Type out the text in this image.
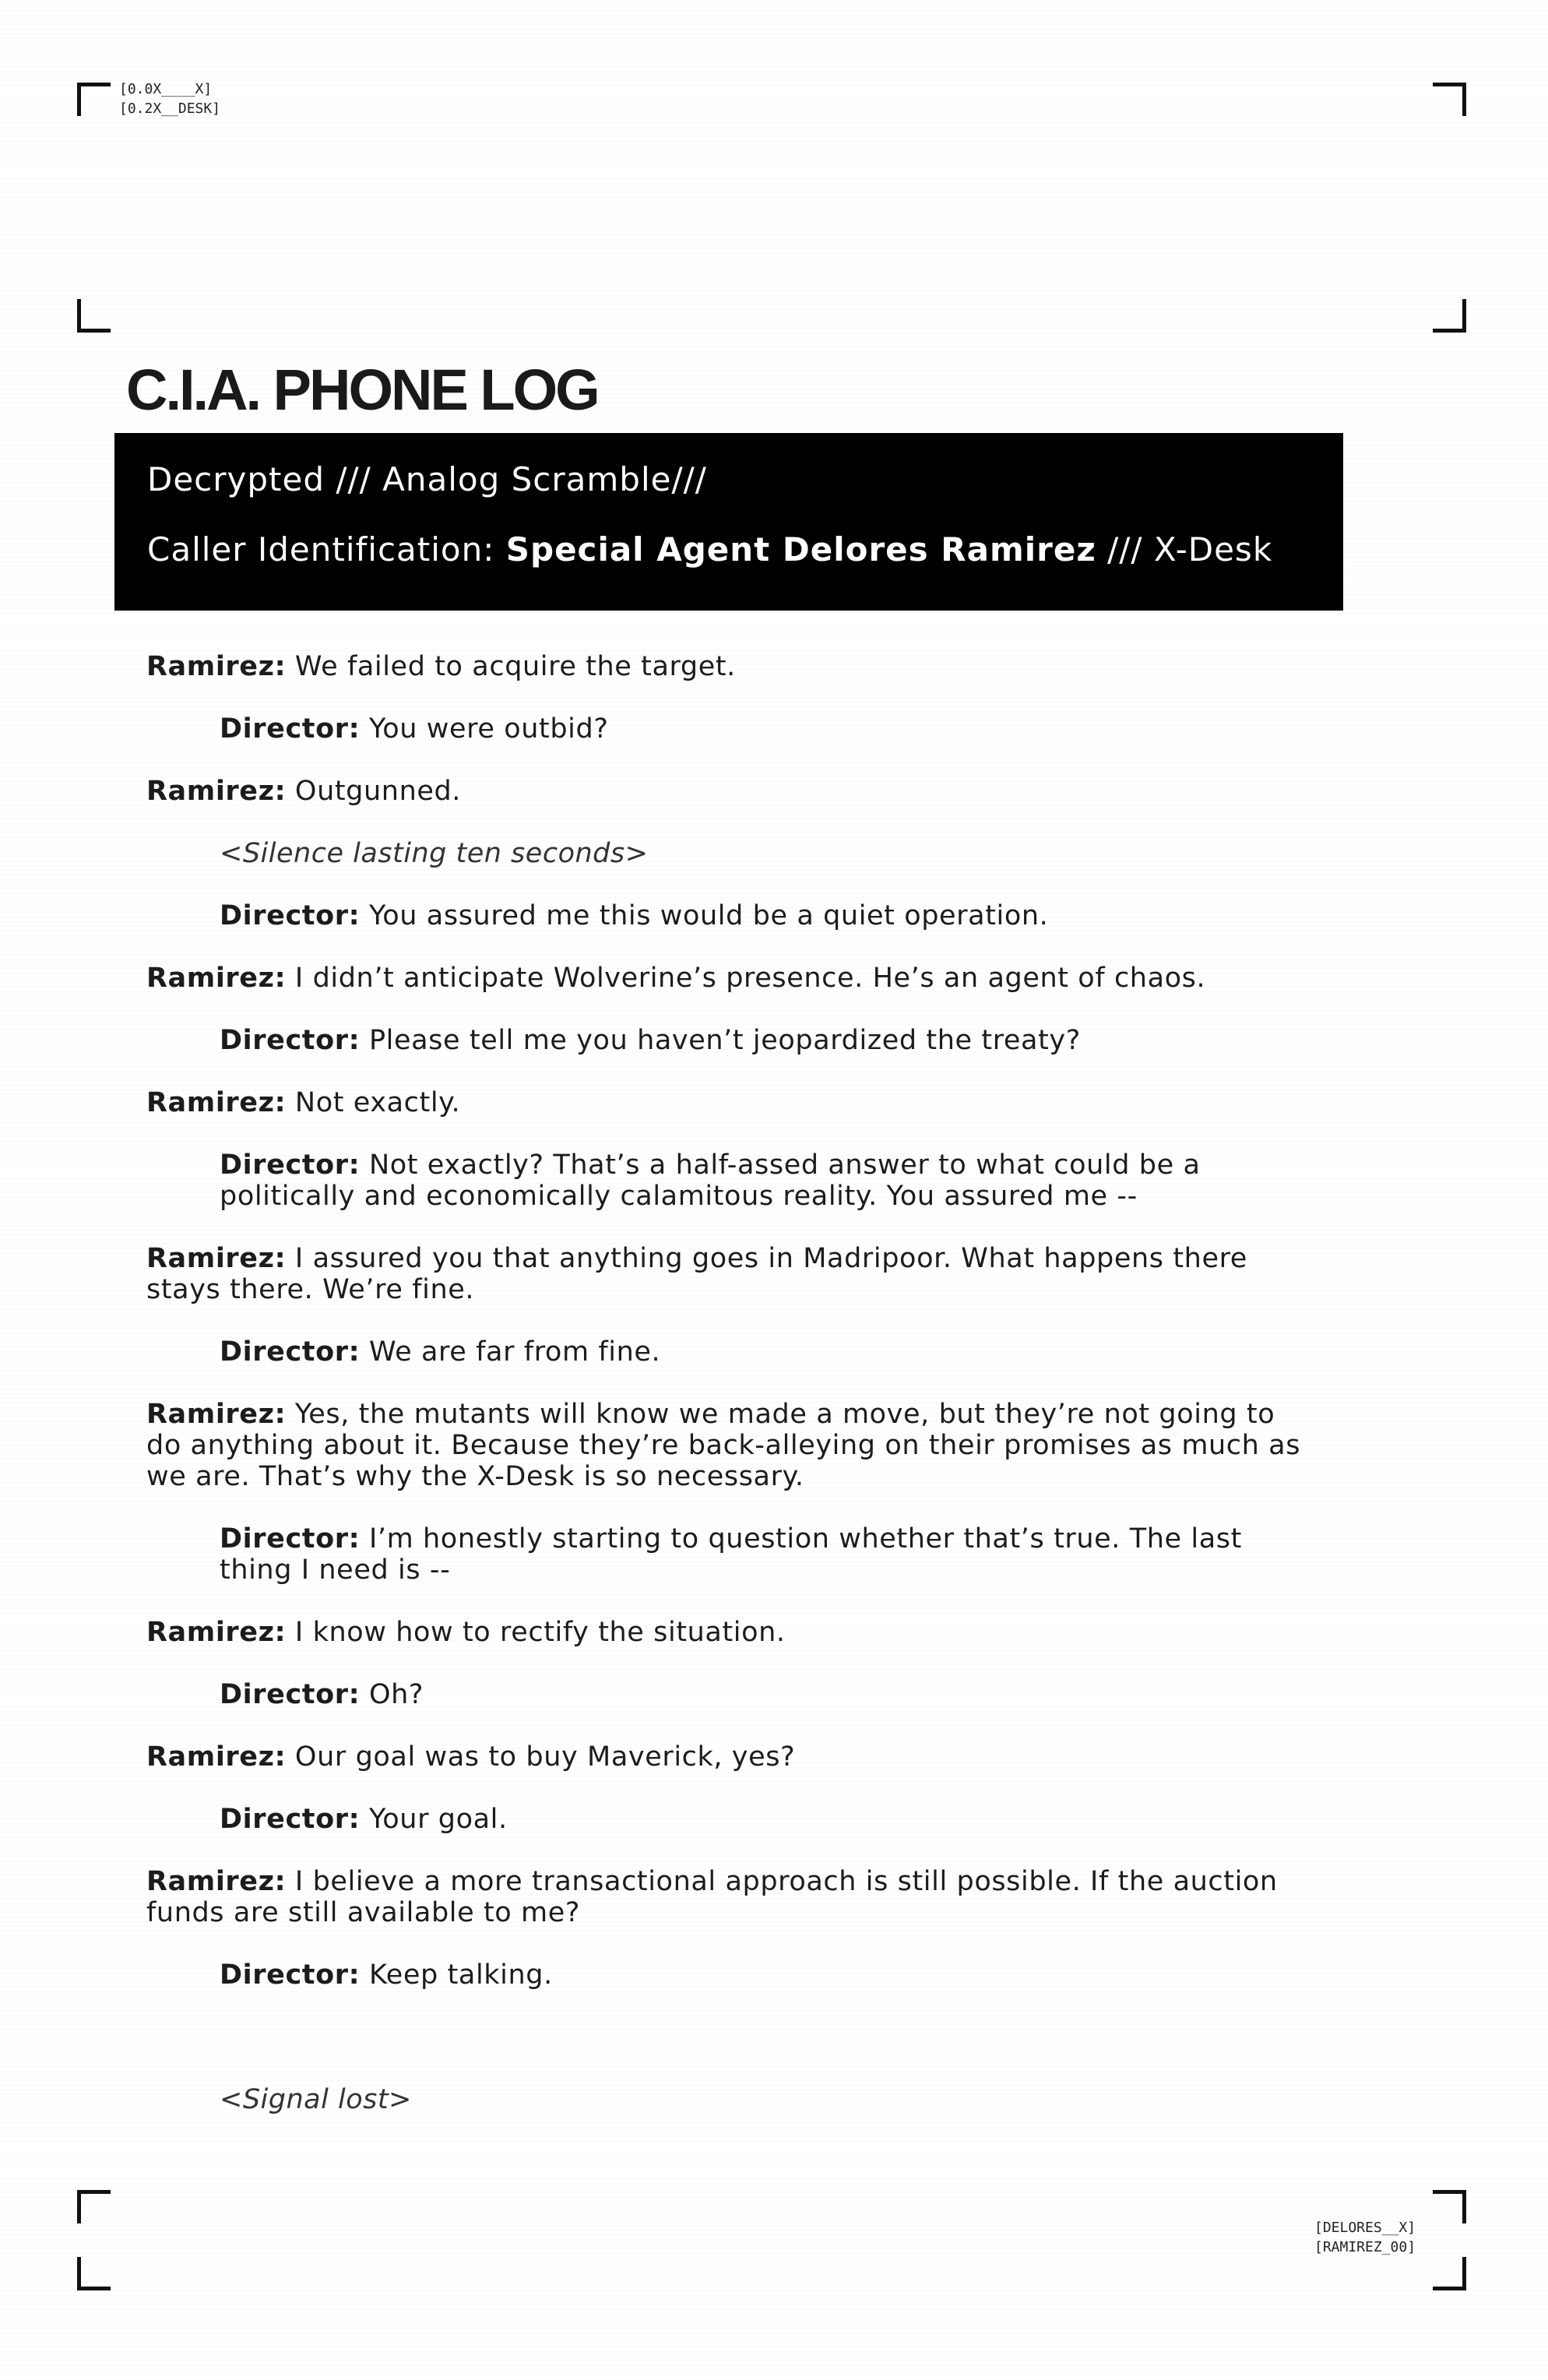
[0.0X____X]
[0.2X__DESK]
[DELORES__X]
[RAMIREZ_00]
C.I.A. PHONE LOG
Decrypted /// Analog Scramble///
Caller Identification: Special Agent Delores Ramirez /// X-Desk
Ramirez: We failed to acquire the target.
Director: You were outbid?
Ramirez: Outgunned.
<Silence lasting ten seconds>
Director: You assured me this would be a quiet operation.
Ramirez: I didn’t anticipate Wolverine’s presence. He’s an agent of chaos.
Director: Please tell me you haven’t jeopardized the treaty?
Ramirez: Not exactly.
Director: Not exactly? That’s a half-assed answer to what could be a politically and economically calamitous reality. You assured me --
Ramirez: I assured you that anything goes in Madripoor. What happens there stays there. We’re fine.
Director: We are far from fine.
Ramirez: Yes, the mutants will know we made a move, but they’re not going to do anything about it. Because they’re back-alleying on their promises as much as we are. That’s why the X-Desk is so necessary.
Director: I’m honestly starting to question whether that’s true. The last thing I need is --
Ramirez: I know how to rectify the situation.
Director: Oh?
Ramirez: Our goal was to buy Maverick, yes?
Director: Your goal.
Ramirez: I believe a more transactional approach is still possible. If the auction funds are still available to me?
Director: Keep talking.
<Signal lost>
